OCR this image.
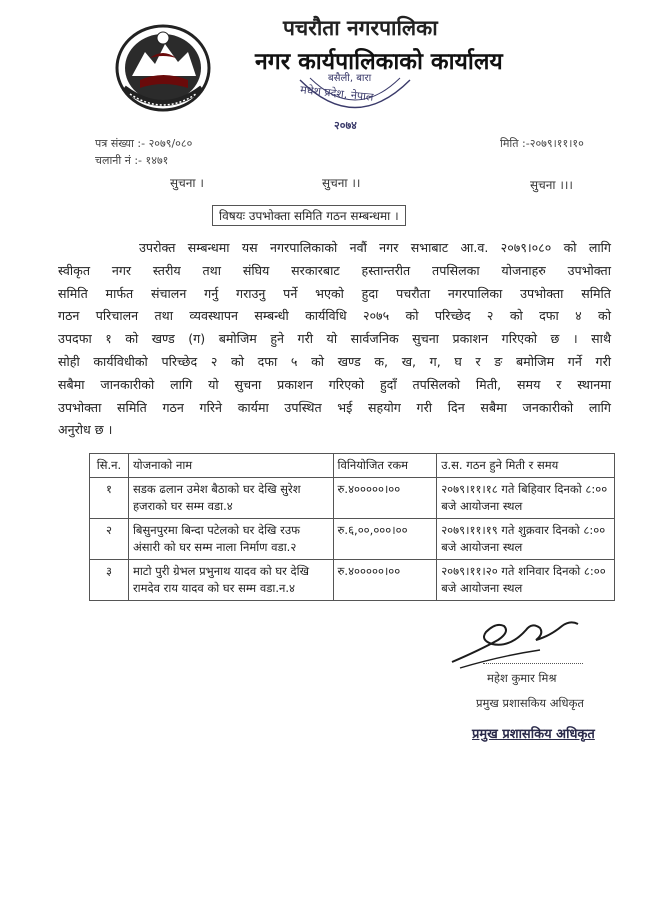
पचरौता नगरपालिका
नगर कार्यपालिकाको कार्यालय
बसैली, बारा
मधेश प्रदेश, नेपाल
२०७४
पत्र संख्या :- २०७९/०८०
चलानी नं :- १४७१
मिति :-२०७९।११।१०
सुचना ।	सुचना ।।	सुचना ।।।
विषयः उपभोक्ता समिति गठन सम्बन्धमा ।
उपरोक्त सम्बन्धमा यस नगरपालिकाको नवौं नगर सभाबाट आ.व. २०७९।०८० को लागि
स्वीकृत नगर स्तरीय तथा संघिय सरकारबाट हस्तान्तरीत तपसिलका योजनाहरु उपभोक्ता
समिति मार्फत संचालन गर्नु गराउनु पर्ने भएको हुदा पचरौता नगरपालिका उपभोक्ता समिति
गठन परिचालन तथा व्यवस्थापन सम्बन्धी कार्यविधि २०७५ को परिच्छेद २ को दफा ४ को
उपदफा १ को खण्ड (ग) बमोजिम हुने गरी यो सार्वजनिक सुचना प्रकाशन गरिएको छ । साथै
सोही कार्यविधीको परिच्छेद २ को दफा ५ को खण्ड क, ख, ग, घ र ङ बमोजिम गर्ने गरी
सबैमा जानकारीको लागि यो सुचना प्रकाशन गरिएको हुदाँ तपसिलको मिती, समय र स्थानमा
उपभोक्ता समिति गठन गरिने कार्यमा उपस्थित भई सहयोग गरी दिन सबैमा जनकारीको लागि
अनुरोध छ ।
सि.न.	योजनाको नाम	विनियोजित रकम	उ.स. गठन हुने मिती र समय
१	सडक ढलान उमेश बैठाको घर देखि सुरेश हजराको घर सम्म वडा.४	रु.४०००००।००	२०७९।११।१८ गते बिहिवार दिनको ८:०० बजे आयोजना स्थल
२	बिसुनपुरमा बिन्दा पटेलको घर देखि रउफ अंसारी को घर सम्म नाला निर्माण वडा.२	रु.६,००,०००।००	२०७९।११।१९ गते शुक्रवार दिनको ८:०० बजे आयोजना स्थल
३	माटो पुरी ग्रेभल प्रभुनाथ यादव को घर देखि रामदेव राय यादव को घर सम्म वडा.न.४	रु.४०००००।००	२०७९।११।२० गते शनिवार दिनको ८:०० बजे आयोजना स्थल
महेश कुमार मिश्र
प्रमुख प्रशासकिय अधिकृत
प्रमुख प्रशासकिय अधिकृत
